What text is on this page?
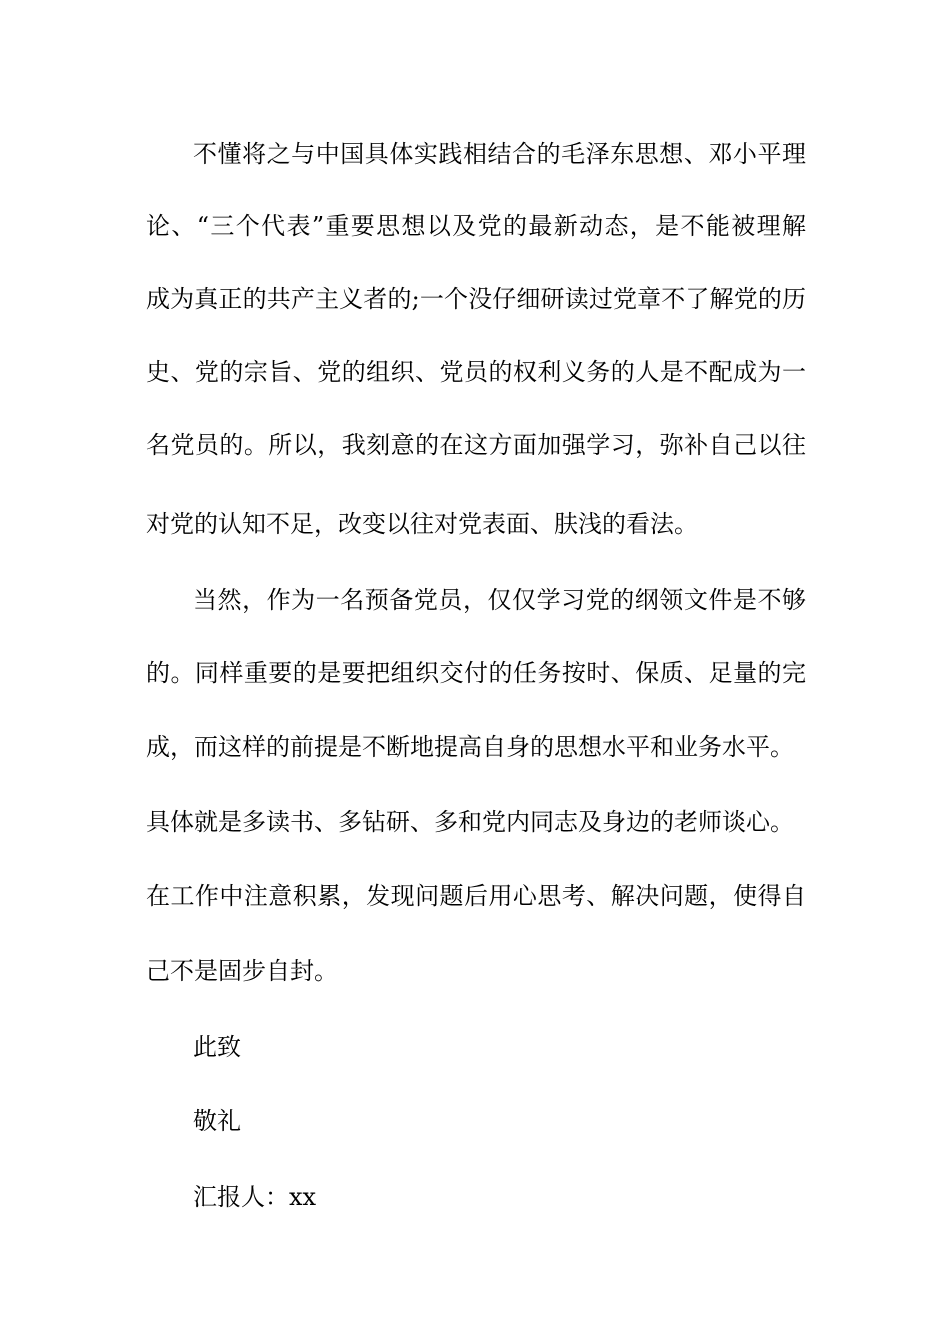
不懂将之与中国具体实践相结合的毛泽东思想、邓小平理
论、“三个代表”重要思想以及党的最新动态，是不能被理解
成为真正的共产主义者的;一个没仔细研读过党章不了解党的历
史、党的宗旨、党的组织、党员的权利义务的人是不配成为一
名党员的。所以，我刻意的在这方面加强学习，弥补自己以往
对党的认知不足，改变以往对党表面、肤浅的看法。
当然，作为一名预备党员，仅仅学习党的纲领文件是不够
的。同样重要的是要把组织交付的任务按时、保质、足量的完
成，而这样的前提是不断地提高自身的思想水平和业务水平。
具体就是多读书、多钻研、多和党内同志及身边的老师谈心。
在工作中注意积累，发现问题后用心思考、解决问题，使得自
己不是固步自封。
此致
敬礼
汇报人：xx
